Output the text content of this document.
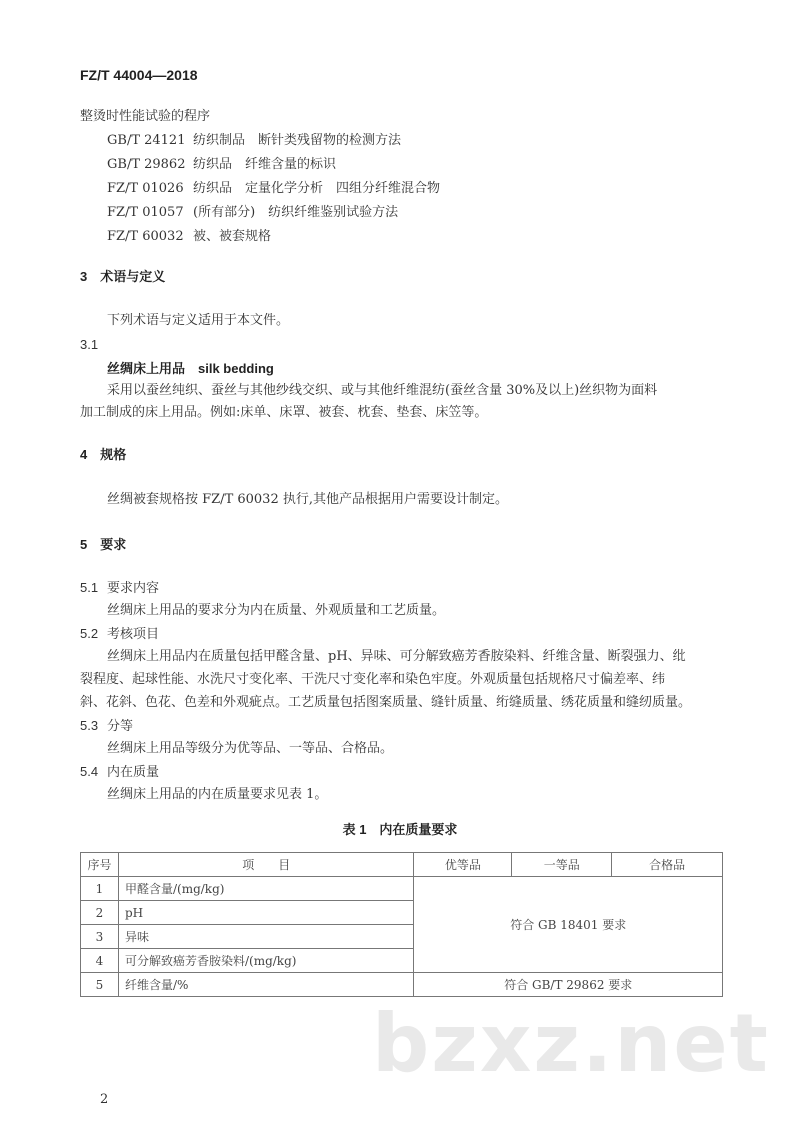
FZ/T 44004—2018
整烫时性能试验的程序
GB/T 24121 纺织制品　断针类残留物的检测方法
GB/T 29862 纺织品　纤维含量的标识
FZ/T 01026 纺织品　定量化学分析　四组分纤维混合物
FZ/T 01057 (所有部分)　纺织纤维鉴别试验方法
FZ/T 60032 被、被套规格
3　术语与定义
下列术语与定义适用于本文件。
3.1
丝绸床上用品　silk bedding
采用以蚕丝纯织、蚕丝与其他纱线交织、或与其他纤维混纺(蚕丝含量 30%及以上)丝织物为面料
加工制成的床上用品。例如:床单、床罩、被套、枕套、垫套、床笠等。
4　规格
丝绸被套规格按 FZ/T 60032 执行,其他产品根据用户需要设计制定。
5　要求
5.1 要求内容
丝绸床上用品的要求分为内在质量、外观质量和工艺质量。
5.2 考核项目
丝绸床上用品内在质量包括甲醛含量、pH、异味、可分解致癌芳香胺染料、纤维含量、断裂强力、纰
裂程度、起球性能、水洗尺寸变化率、干洗尺寸变化率和染色牢度。外观质量包括规格尺寸偏差率、纬
斜、花斜、色花、色差和外观疵点。工艺质量包括图案质量、缝针质量、绗缝质量、绣花质量和缝纫质量。
5.3 分等
丝绸床上用品等级分为优等品、一等品、合格品。
5.4 内在质量
丝绸床上用品的内在质量要求见表 1。
表 1　内在质量要求
序号	项　　目	优等品	一等品	合格品
1	甲醛含量/(mg/kg)	符合 GB 18401 要求		
2	pH			
3	异味			
4	可分解致癌芳香胺染料/(mg/kg)			
5	纤维含量/%	符合 GB/T 29862 要求		
bzxz.net
2
